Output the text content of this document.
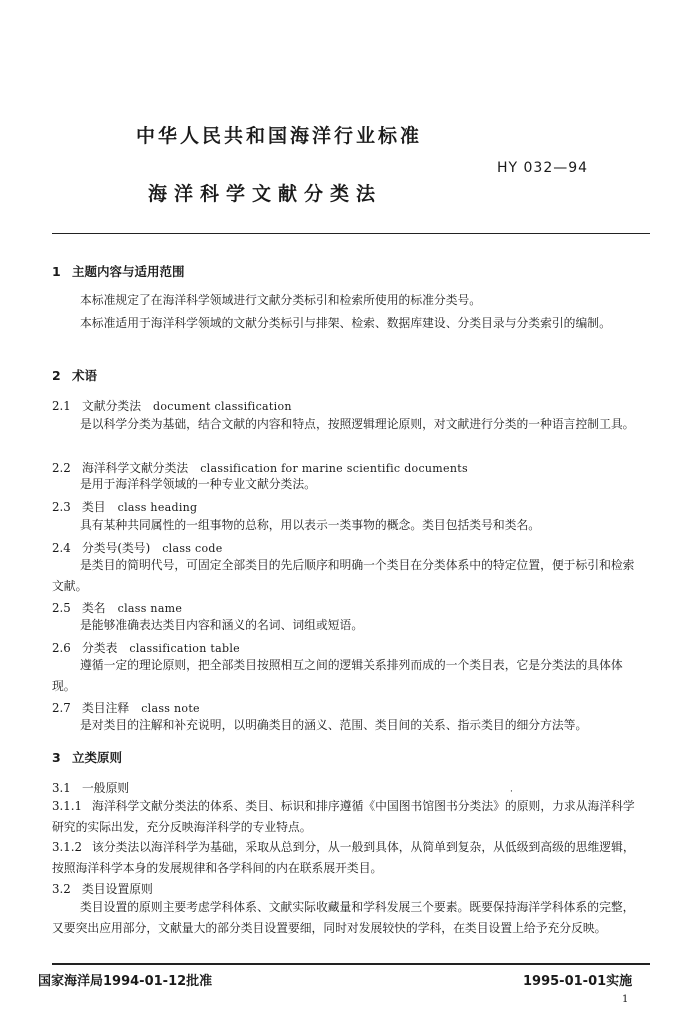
中华人民共和国海洋行业标准
HY 032—94
海洋科学文献分类法
1 主题内容与适用范围
本标准规定了在海洋科学领域进行文献分类标引和检索所使用的标准分类号。
本标准适用于海洋科学领域的文献分类标引与排架、检索、数据库建设、分类目录与分类索引的编制。
2 术语
2.1 文献分类法 document classification
是以科学分类为基础，结合文献的内容和特点，按照逻辑理论原则，对文献进行分类的一种语言控制工具。
2.2 海洋科学文献分类法 classification for marine scientific documents
是用于海洋科学领域的一种专业文献分类法。
2.3 类目 class heading
具有某种共同属性的一组事物的总称，用以表示一类事物的概念。类目包括类号和类名。
2.4 分类号(类号) class code
是类目的简明代号，可固定全部类目的先后顺序和明确一个类目在分类体系中的特定位置，便于标引和检索文献。
2.5 类名 class name
是能够准确表达类目内容和涵义的名词、词组或短语。
2.6 分类表 classification table
遵循一定的理论原则，把全部类目按照相互之间的逻辑关系排列而成的一个类目表，它是分类法的具体体现。
2.7 类目注释 class note
是对类目的注解和补充说明，以明确类目的涵义、范围、类目间的关系、指示类目的细分方法等。
3 立类原则
3.1 一般原则	·
3.1.1 海洋科学文献分类法的体系、类目、标识和排序遵循《中国图书馆图书分类法》的原则，力求从海洋科学研究的实际出发，充分反映海洋科学的专业特点。
3.1.2 该分类法以海洋科学为基础，采取从总到分，从一般到具体，从简单到复杂，从低级到高级的思维逻辑，按照海洋科学本身的发展规律和各学科间的内在联系展开类目。
3.2 类目设置原则
类目设置的原则主要考虑学科体系、文献实际收藏量和学科发展三个要素。既要保持海洋学科体系的完整，又要突出应用部分，文献量大的部分类目设置要细，同时对发展较快的学科，在类目设置上给予充分反映。
国家海洋局1994-01-12批准	1995-01-01实施
1
